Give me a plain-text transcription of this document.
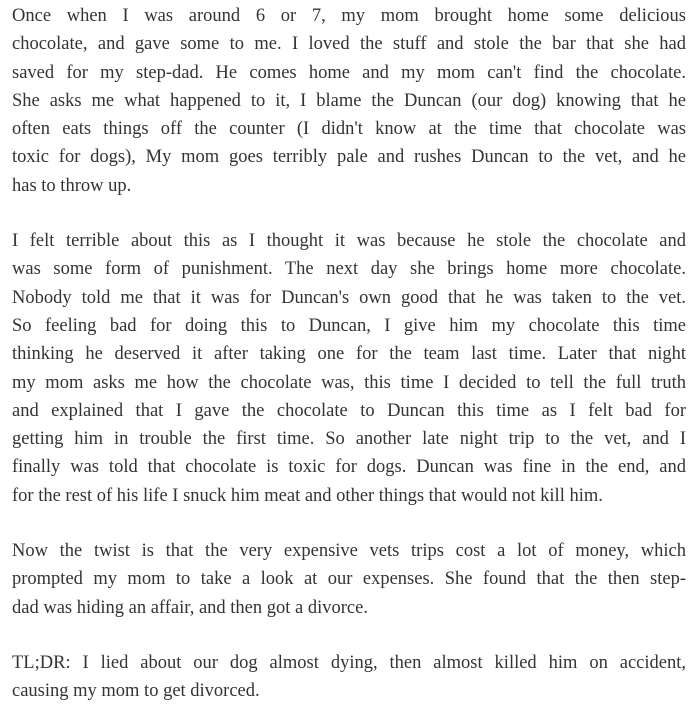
Once when I was around 6 or 7, my mom brought home some delicious
chocolate, and gave some to me. I loved the stuff and stole the bar that she had
saved for my step-dad. He comes home and my mom can't find the chocolate.
She asks me what happened to it, I blame the Duncan (our dog) knowing that he
often eats things off the counter (I didn't know at the time that chocolate was
toxic for dogs), My mom goes terribly pale and rushes Duncan to the vet, and he
has to throw up.

I felt terrible about this as I thought it was because he stole the chocolate and
was some form of punishment. The next day she brings home more chocolate.
Nobody told me that it was for Duncan's own good that he was taken to the vet.
So feeling bad for doing this to Duncan, I give him my chocolate this time
thinking he deserved it after taking one for the team last time. Later that night
my mom asks me how the chocolate was, this time I decided to tell the full truth
and explained that I gave the chocolate to Duncan this time as I felt bad for
getting him in trouble the first time. So another late night trip to the vet, and I
finally was told that chocolate is toxic for dogs. Duncan was fine in the end, and
for the rest of his life I snuck him meat and other things that would not kill him.

Now the twist is that the very expensive vets trips cost a lot of money, which
prompted my mom to take a look at our expenses. She found that the then step-
dad was hiding an affair, and then got a divorce.

TL;DR: I lied about our dog almost dying, then almost killed him on accident,
causing my mom to get divorced.
